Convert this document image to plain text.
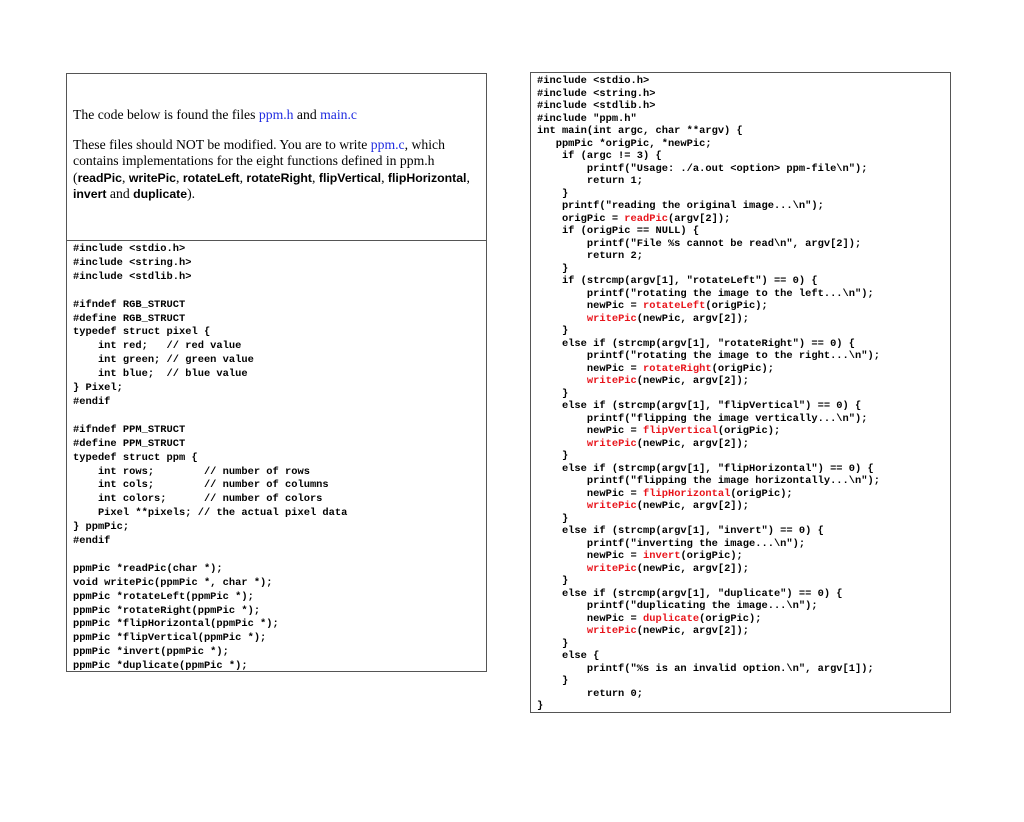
The code below is found the files ppm.h and main.c

These files should NOT be modified. You are to write ppm.c, which contains implementations for the eight functions defined in ppm.h (readPic, writePic, rotateLeft, rotateRight, flipVertical, flipHorizontal, invert and duplicate).

#include <stdio.h>
#include <string.h>
#include <stdlib.h>

#ifndef RGB_STRUCT
#define RGB_STRUCT
typedef struct pixel {
int red;   // red value
int green; // green value
int blue;  // blue value
} Pixel;
#endif

#ifndef PPM_STRUCT
#define PPM_STRUCT
typedef struct ppm {
int rows;        // number of rows
int cols;        // number of columns
int colors;      // number of colors
Pixel **pixels; // the actual pixel data
} ppmPic;
#endif

ppmPic *readPic(char *);
void writePic(ppmPic *, char *);
ppmPic *rotateLeft(ppmPic *);
ppmPic *rotateRight(ppmPic *);
ppmPic *flipHorizontal(ppmPic *);
ppmPic *flipVertical(ppmPic *);
ppmPic *invert(ppmPic *);
ppmPic *duplicate(ppmPic *);
#include <stdio.h>
#include <string.h>
#include <stdlib.h>
#include "ppm.h"
int main(int argc, char **argv) {
ppmPic *origPic, *newPic;
if (argc != 3) {
printf("Usage: ./a.out <option> ppm-file\n");
return 1;
}
printf("reading the original image...\n");
origPic = readPic(argv[2]);
if (origPic == NULL) {
printf("File %s cannot be read\n", argv[2]);
return 2;
}
if (strcmp(argv[1], "rotateLeft") == 0) {
printf("rotating the image to the left...\n");
newPic = rotateLeft(origPic);
writePic(newPic, argv[2]);
}
else if (strcmp(argv[1], "rotateRight") == 0) {
printf("rotating the image to the right...\n");
newPic = rotateRight(origPic);
writePic(newPic, argv[2]);
}
else if (strcmp(argv[1], "flipVertical") == 0) {
printf("flipping the image vertically...\n");
newPic = flipVertical(origPic);
writePic(newPic, argv[2]);
}
else if (strcmp(argv[1], "flipHorizontal") == 0) {
printf("flipping the image horizontally...\n");
newPic = flipHorizontal(origPic);
writePic(newPic, argv[2]);
}
else if (strcmp(argv[1], "invert") == 0) {
printf("inverting the image...\n");
newPic = invert(origPic);
writePic(newPic, argv[2]);
}
else if (strcmp(argv[1], "duplicate") == 0) {
printf("duplicating the image...\n");
newPic = duplicate(origPic);
writePic(newPic, argv[2]);
}
else {
printf("%s is an invalid option.\n", argv[1]);
}
return 0;
}
